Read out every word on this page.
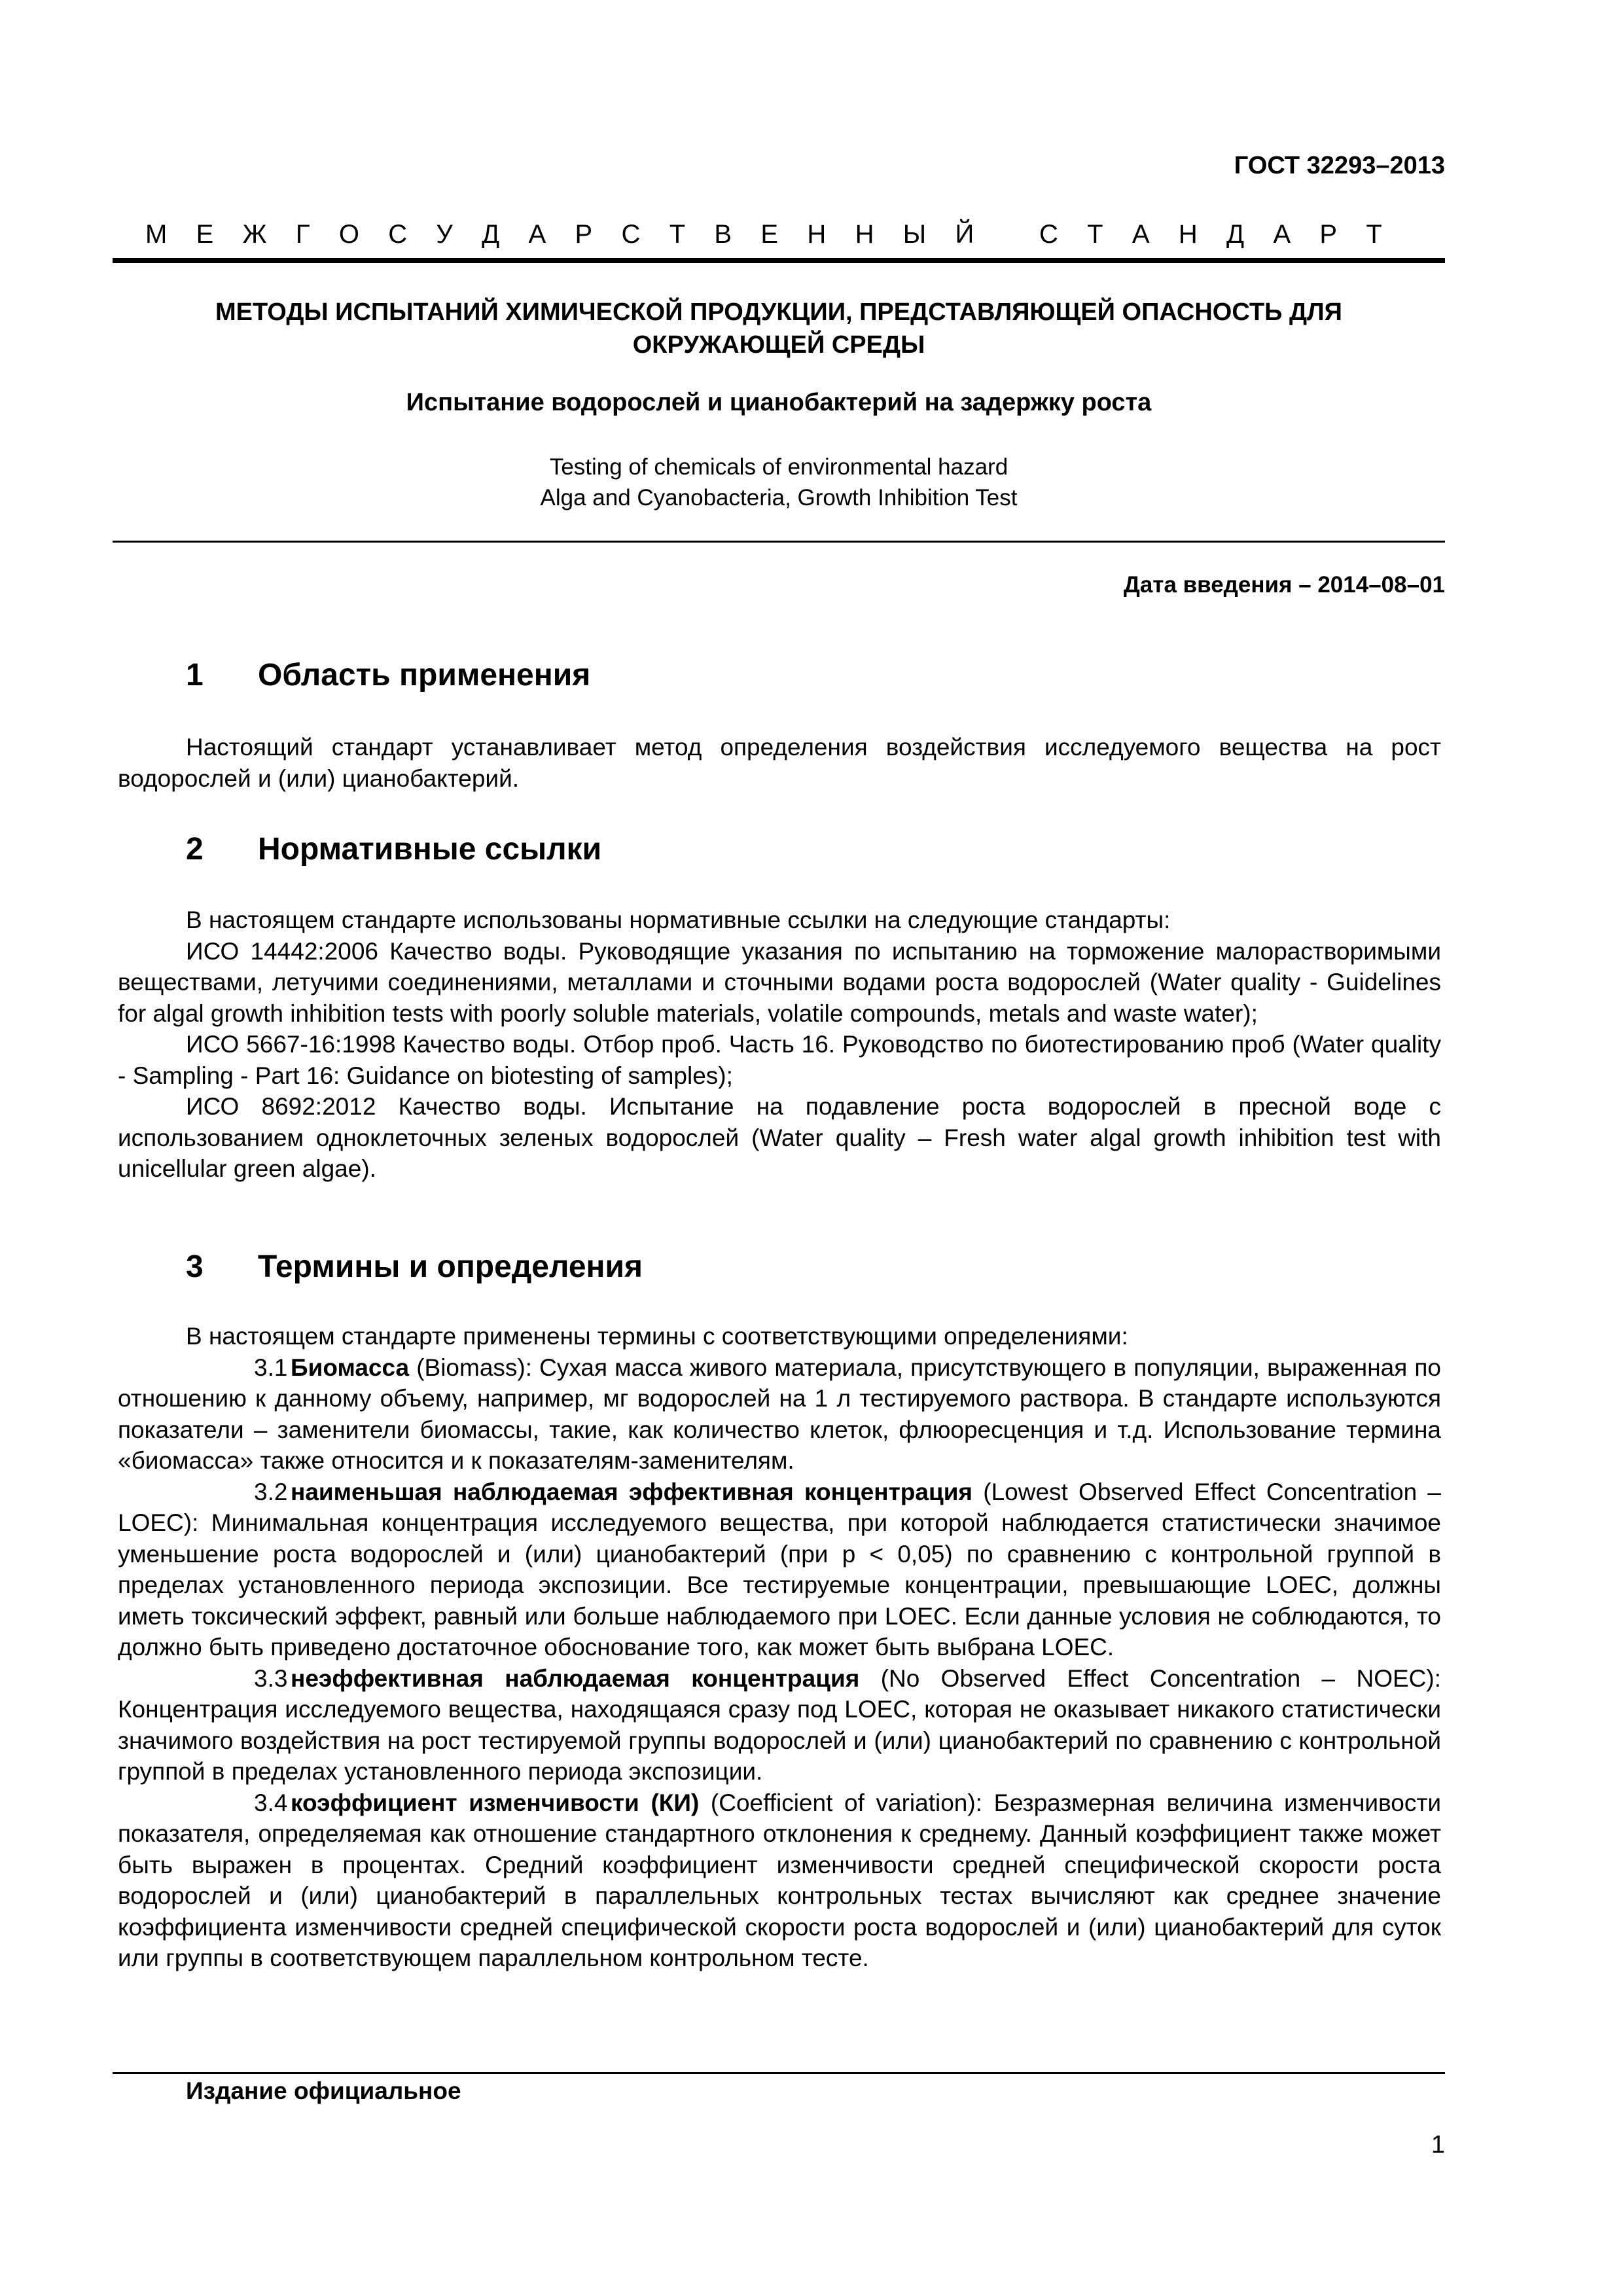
ГОСТ 32293–2013
М Е Ж Г О С У Д А Р С Т В Е Н Н Ы Й
С Т А Н Д А Р Т
МЕТОДЫ ИСПЫТАНИЙ ХИМИЧЕСКОЙ ПРОДУКЦИИ, ПРЕДСТАВЛЯЮЩЕЙ ОПАСНОСТЬ ДЛЯ
ОКРУЖАЮЩЕЙ СРЕДЫ
Испытание водорослей и цианобактерий на задержку роста
Testing of chemicals of environmental hazard
Alga and Cyanobacteria, Growth Inhibition Test
Дата введения – 2014–08–01
1 Область применения

Настоящий стандарт устанавливает метод определения воздействия исследуемого вещества на рост водорослей и (или) цианобактерий.

2 Нормативные ссылки

В настоящем стандарте использованы нормативные ссылки на следующие стандарты:

ИСО 14442:2006 Качество воды. Руководящие указания по испытанию на торможение малорастворимыми веществами, летучими соединениями, металлами и сточными водами роста водорослей (Water quality - Guidelines for algal growth inhibition tests with poorly soluble materials, volatile compounds, metals and waste water);

ИСО 5667-16:1998 Качество воды. Отбор проб. Часть 16. Руководство по биотестированию проб (Water quality - Sampling - Part 16: Guidance on biotesting of samples);

ИСО 8692:2012 Качество воды. Испытание на подавление роста водорослей в пресной воде с использованием одноклеточных зеленых водорослей (Water quality – Fresh water algal growth inhibition test with unicellular green algae).

3 Термины и определения

В настоящем стандарте применены термины с соответствующими определениями:

3.1 Биомасса (Biomass): Сухая масса живого материала, присутствующего в популяции, выраженная по отношению к данному объему, например, мг водорослей на 1 л тестируемого раствора. В стандарте используются показатели – заменители биомассы, такие, как количество клеток, флюоресценция и т.д. Использование термина «биомасса» также относится и к показателям-заменителям.

3.2 наименьшая наблюдаемая эффективная концентрация (Lowest Observed Effect Concentration – LOEC): Минимальная концентрация исследуемого вещества, при которой наблюдается статистически значимое уменьшение роста водорослей и (или) цианобактерий (при p < 0,05) по сравнению с контрольной группой в пределах установленного периода экспозиции. Все тестируемые концентрации, превышающие LOEC, должны иметь токсический эффект, равный или больше наблюдаемого при LOEC. Если данные условия не соблюдаются, то должно быть приведено достаточное обоснование того, как может быть выбрана LOEC.

3.3 неэффективная наблюдаемая концентрация (No Observed Effect Concentration – NOEC): Концентрация исследуемого вещества, находящаяся сразу под LOEC, которая не оказывает никакого статистически значимого воздействия на рост тестируемой группы водорослей и (или) цианобактерий по сравнению с контрольной группой в пределах установленного периода экспозиции.

3.4 коэффициент изменчивости (КИ) (Coefficient of variation): Безразмерная величина изменчивости показателя, определяемая как отношение стандартного отклонения к среднему. Данный коэффициент также может быть выражен в процентах. Средний коэффициент изменчивости средней специфической скорости роста водорослей и (или) цианобактерий в параллельных контрольных тестах вычисляют как среднее значение коэффициента изменчивости средней специфической скорости роста водорослей и (или) цианобактерий для суток или группы в соответствующем параллельном контрольном тесте.

Издание официальное
1
